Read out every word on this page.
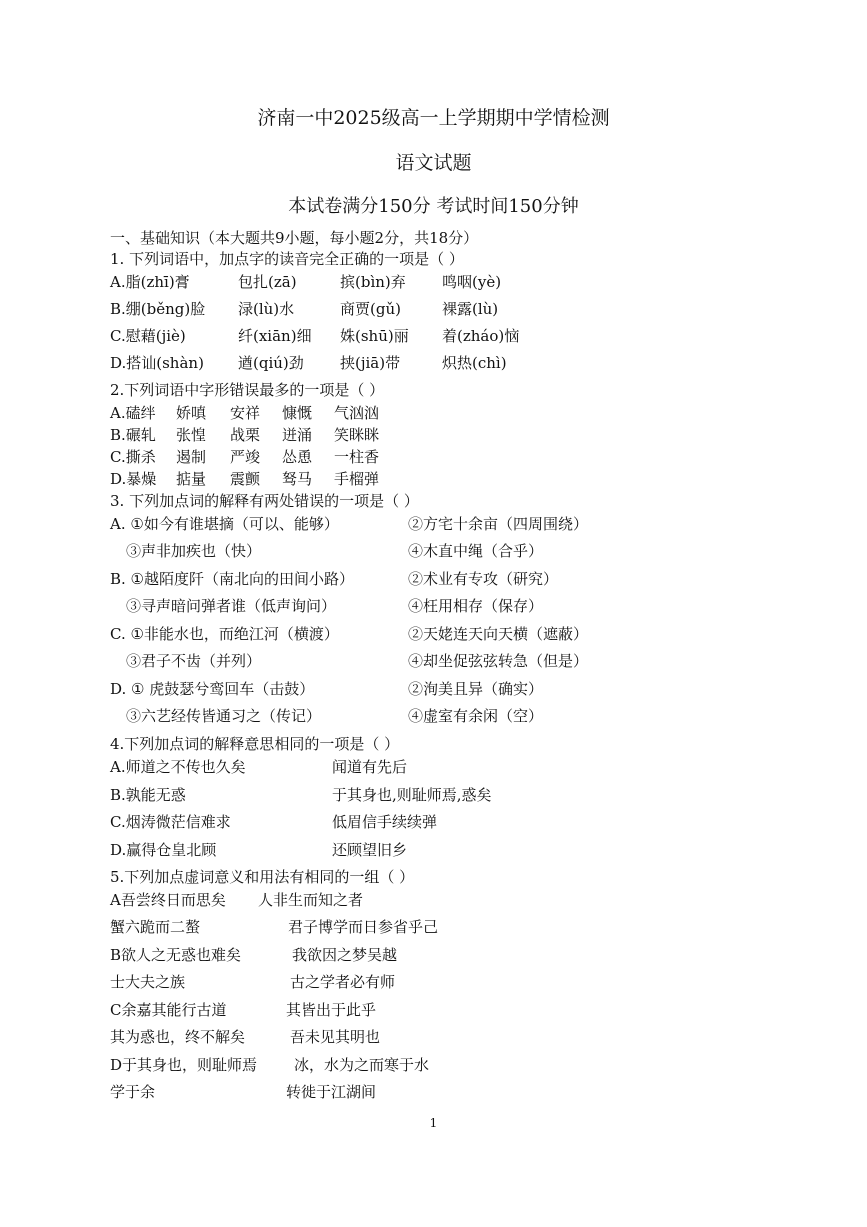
济南一中2025级高一上学期期中学情检测
语文试题
本试卷满分150分 考试时间150分钟
一、基础知识（本大题共9小题，每小题2分，共18分）
1. 下列词语中，加点字的读音完全正确的一项是（ ）
A.脂(zhī)膏	包扎(zā)	摈(bìn)弃 鸣咽(yè)
B.绷(běng)脸 渌(lù)水	商贾(gǔ)	裸露(lù)
C.慰藉(jiè)	纤(xiān)细 姝(shū)丽 着(zháo)恼
D.搭讪(shàn) 遒(qiú)劲 挟(jiā)带	炽热(chì)
2.下列词语中字形错误最多的一项是（ ）
A.磕绊 娇嗔 安祥 慷慨 气汹汹
B.碾轧 张惶 战栗 迸涌 笑眯眯
C.撕杀 遏制 严竣 怂恿 一柱香
D.暴燥 掂量 震颤 驽马 手榴弹
3. 下列加点词的解释有两处错误的一项是（ ）
A. ①如今有谁堪摘（可以、能够）	②方宅十余亩（四周围绕）
③声非加疾也（快）	④木直中绳（合乎）
B. ①越陌度阡（南北向的田间小路）	②术业有专攻（研究）
③寻声暗问弹者谁（低声询问）	④枉用相存（保存）
C. ①非能水也，而绝江河（横渡）	②天姥连天向天横（遮蔽）
③君子不齿（并列）	④却坐促弦弦转急（但是）
D. ① 虎鼓瑟兮鸾回车（击鼓）	②洵美且异（确实）
③六艺经传皆通习之（传记）	④虚室有余闲（空）
4.下列加点词的解释意思相同的一项是（ ）
A.师道之不传也久矣	闻道有先后
B.孰能无惑	于其身也,则耻师焉,惑矣
C.烟涛微茫信难求	低眉信手续续弹
D.赢得仓皇北顾	还顾望旧乡
5.下列加点虚词意义和用法有相同的一组（ ）
A吾尝终日而思矣 人非生而知之者
蟹六跪而二螯	君子博学而日参省乎己
B欲人之无惑也难矣	我欲因之梦吴越
士大夫之族	古之学者必有师
C余嘉其能行古道	其皆出于此乎
其为惑也，终不解矣	吾未见其明也
D于其身也，则耻师焉 冰，水为之而寒于水
学于余	转徙于江湖间
1
